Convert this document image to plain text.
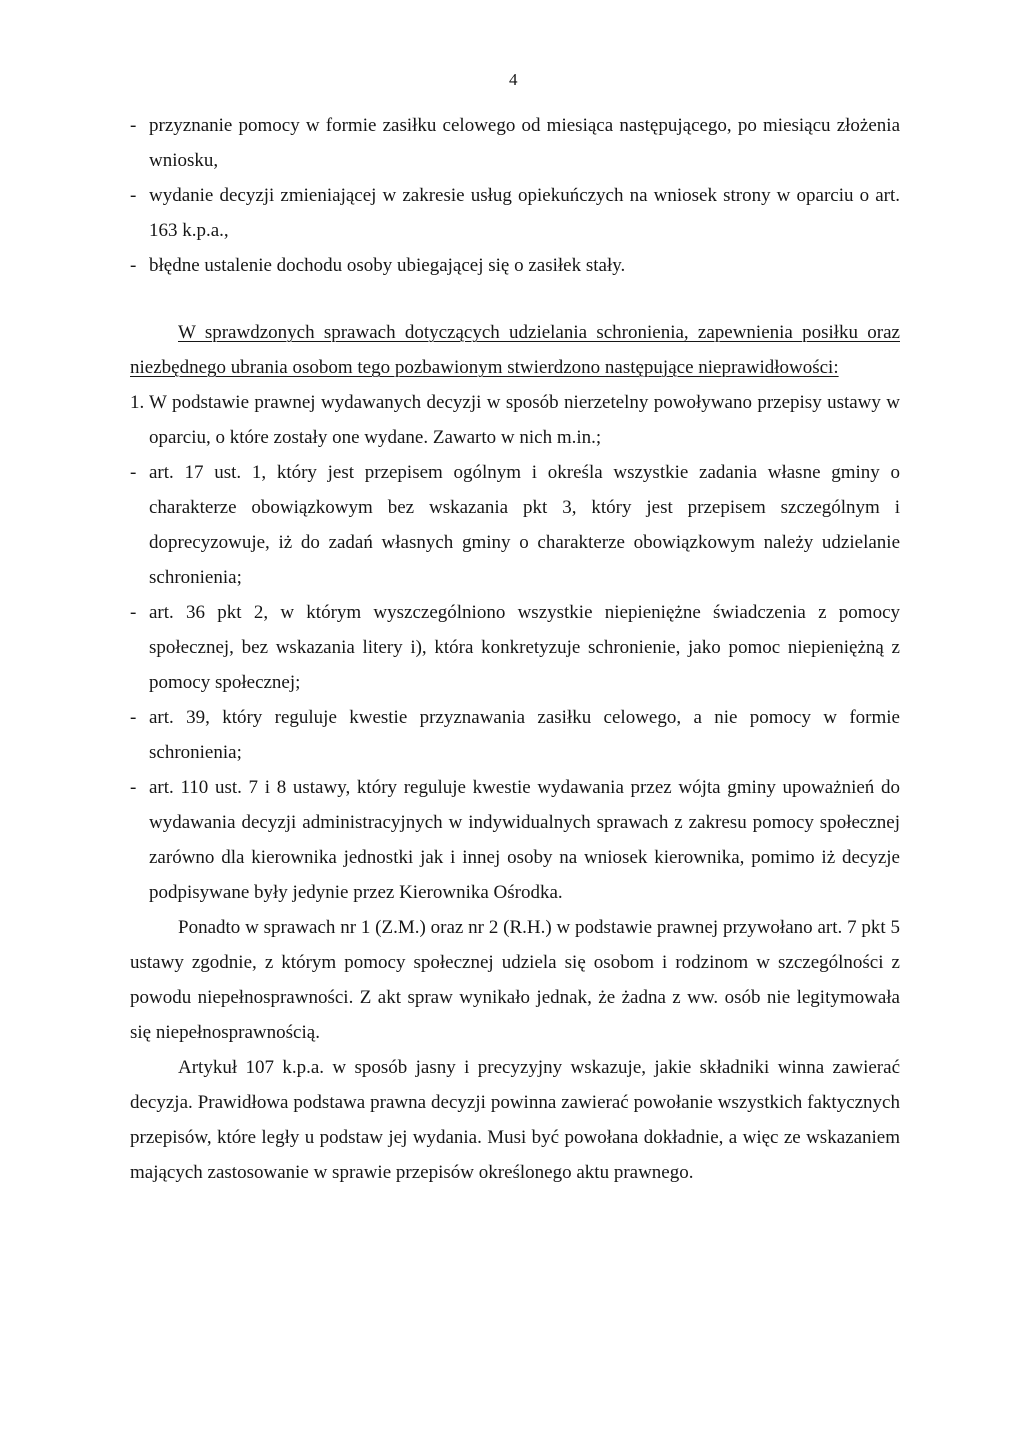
4
- przyznanie pomocy w formie zasiłku celowego od miesiąca następującego, po miesiącu złożenia wniosku,
- wydanie decyzji zmieniającej w zakresie usług opiekuńczych na wniosek strony w oparciu o art. 163 k.p.a.,
- błędne ustalenie dochodu osoby ubiegającej się o zasiłek stały.
W sprawdzonych sprawach dotyczących udzielania schronienia, zapewnienia posiłku oraz niezbędnego ubrania osobom tego pozbawionym stwierdzono następujące nieprawidłowości:
1. W podstawie prawnej wydawanych decyzji w sposób nierzetelny powoływano przepisy ustawy w oparciu, o które zostały one wydane. Zawarto w nich m.in.;
- art. 17 ust. 1, który jest przepisem ogólnym i określa wszystkie zadania własne gminy o charakterze obowiązkowym bez wskazania pkt 3, który jest przepisem szczególnym i doprecyzowuje, iż do zadań własnych gminy o charakterze obowiązkowym należy udzielanie schronienia;
- art. 36 pkt 2, w którym wyszczególniono wszystkie niepieniężne świadczenia z pomocy społecznej, bez wskazania litery i), która konkretyzuje schronienie, jako pomoc niepieniężną z pomocy społecznej;
- art. 39, który reguluje kwestie przyznawania zasiłku celowego, a nie pomocy w formie schronienia;
- art. 110 ust. 7 i 8 ustawy, który reguluje kwestie wydawania przez wójta gminy upoważnień do wydawania decyzji administracyjnych w indywidualnych sprawach z zakresu pomocy społecznej zarówno dla kierownika jednostki jak i innej osoby na wniosek kierownika, pomimo iż decyzje podpisywane były jedynie przez Kierownika Ośrodka.
Ponadto w sprawach nr 1 (Z.M.) oraz nr 2 (R.H.) w podstawie prawnej przywołano art. 7 pkt 5 ustawy zgodnie, z którym pomocy społecznej udziela się osobom i rodzinom w szczególności z powodu niepełnosprawności. Z akt spraw wynikało jednak, że żadna z ww. osób nie legitymowała się niepełnosprawnością.
Artykuł 107 k.p.a. w sposób jasny i precyzyjny wskazuje, jakie składniki winna zawierać decyzja. Prawidłowa podstawa prawna decyzji powinna zawierać powołanie wszystkich faktycznych przepisów, które legły u podstaw jej wydania. Musi być powołana dokładnie, a więc ze wskazaniem mających zastosowanie w sprawie przepisów określonego aktu prawnego.
